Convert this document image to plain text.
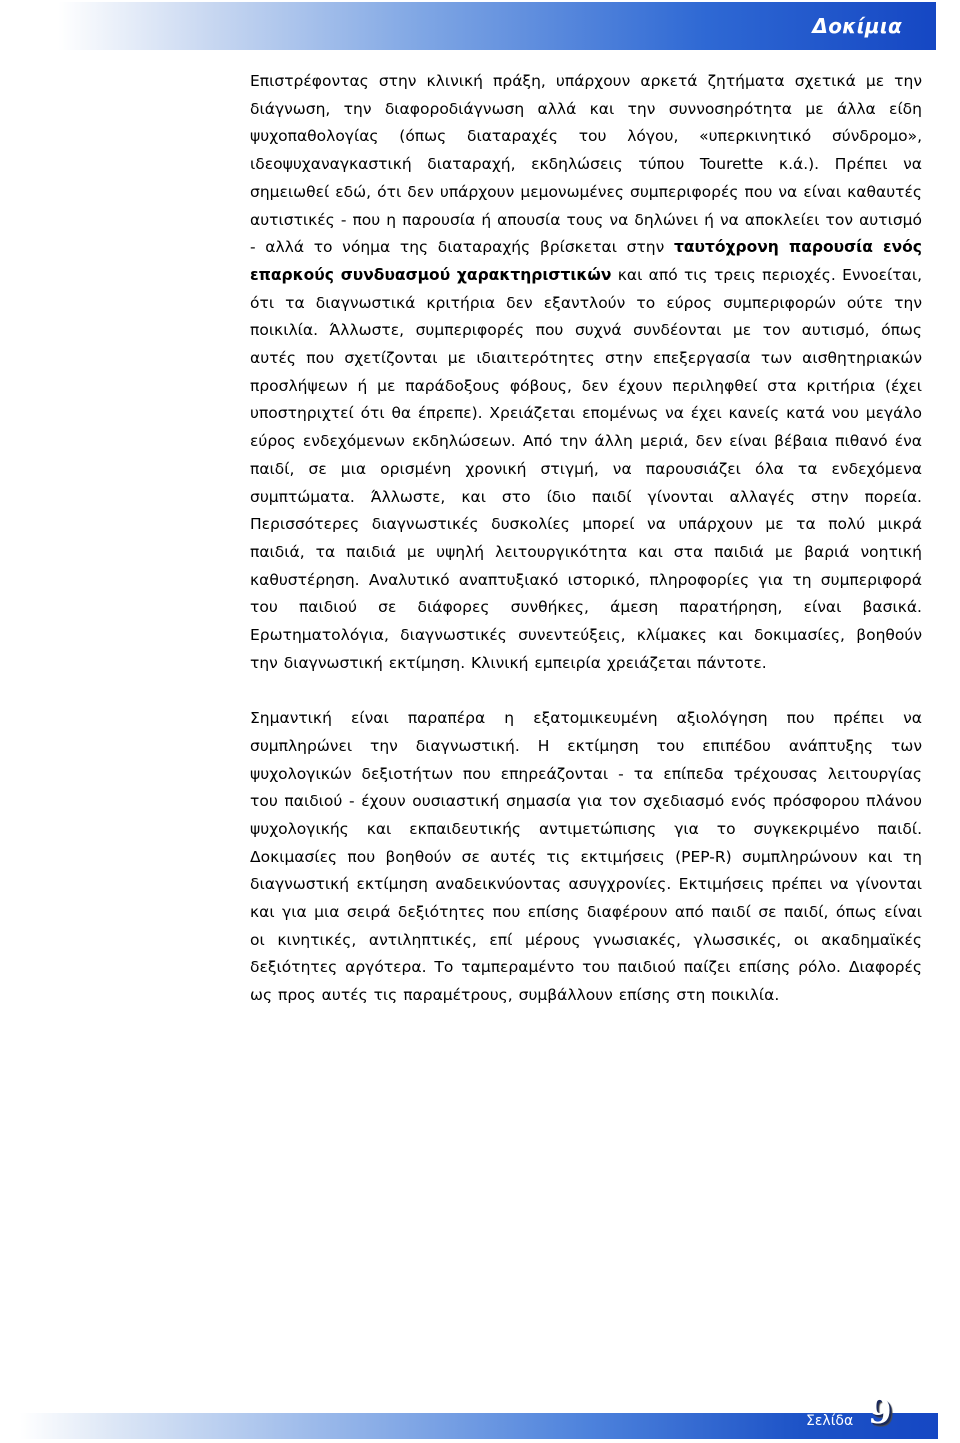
Δοκίμια

Επιστρέφοντας στην κλινική πράξη, υπάρχουν αρκετά ζητήματα σχετικά με την διάγνωση, την διαφοροδιάγνωση αλλά και την συννοσηρότητα με άλλα είδη ψυχοπαθολογίας (όπως διαταραχές του λόγου, «υπερκινητικό σύνδρομο», ιδεοψυχαναγκαστική διαταραχή, εκδηλώσεις τύπου Tourette κ.ά.). Πρέπει να σημειωθεί εδώ, ότι δεν υπάρχουν μεμονωμένες συμπεριφορές που να είναι καθαυτές αυτιστικές - που η παρουσία ή απουσία τους να δηλώνει ή να αποκλείει τον αυτισμό - αλλά το νόημα της διαταραχής βρίσκεται στην ταυτόχρονη παρουσία ενός επαρκούς συνδυασμού χαρακτηριστικών και από τις τρεις περιοχές. Εννοείται, ότι τα διαγνωστικά κριτήρια δεν εξαντλούν το εύρος συμπεριφορών ούτε την ποικιλία. Άλλωστε, συμπεριφορές που συχνά συνδέονται με τον αυτισμό, όπως αυτές που σχετίζονται με ιδιαιτερότητες στην επεξεργασία των αισθητηριακών προσλήψεων ή με παράδοξους φόβους, δεν έχουν περιληφθεί στα κριτήρια (έχει υποστηριχτεί ότι θα έπρεπε). Χρειάζεται επομένως να έχει κανείς κατά νου μεγάλο εύρος ενδεχόμενων εκδηλώσεων. Από την άλλη μεριά, δεν είναι βέβαια πιθανό ένα παιδί, σε μια ορισμένη χρονική στιγμή, να παρουσιάζει όλα τα ενδεχόμενα συμπτώματα. Άλλωστε, και στο ίδιο παιδί γίνονται αλλαγές στην πορεία. Περισσότερες διαγνωστικές δυσκολίες μπορεί να υπάρχουν με τα πολύ μικρά παιδιά, τα παιδιά με υψηλή λειτουργικότητα και στα παιδιά με βαριά νοητική καθυστέρηση. Αναλυτικό αναπτυξιακό ιστορικό, πληροφορίες για τη συμπεριφορά του παιδιού σε διάφορες συνθήκες, άμεση παρατήρηση, είναι βασικά. Ερωτηματολόγια, διαγνωστικές συνεντεύξεις, κλίμακες και δοκιμασίες, βοηθούν την διαγνωστική εκτίμηση. Κλινική εμπειρία χρειάζεται πάντοτε.

Σημαντική είναι παραπέρα η εξατομικευμένη αξιολόγηση που πρέπει να συμπληρώνει την διαγνωστική. Η εκτίμηση του επιπέδου ανάπτυξης των ψυχολογικών δεξιοτήτων που επηρεάζονται - τα επίπεδα τρέχουσας λειτουργίας του παιδιού - έχουν ουσιαστική σημασία για τον σχεδιασμό ενός πρόσφορου πλάνου ψυχολογικής και εκπαιδευτικής αντιμετώπισης για το συγκεκριμένο παιδί. Δοκιμασίες που βοηθούν σε αυτές τις εκτιμήσεις (PEP-R) συμπληρώνουν και τη διαγνωστική εκτίμηση αναδεικνύοντας ασυγχρονίες. Εκτιμήσεις πρέπει να γίνονται και για μια σειρά δεξιότητες που επίσης διαφέρουν από παιδί σε παιδί, όπως είναι οι κινητικές, αντιληπτικές, επί μέρους γνωσιακές, γλωσσικές, οι ακαδημαϊκές δεξιότητες αργότερα. Το ταμπεραμέντο του παιδιού παίζει επίσης ρόλο. Διαφορές ως προς αυτές τις παραμέτρους, συμβάλλουν επίσης στη ποικιλία.

Σελίδα 9
